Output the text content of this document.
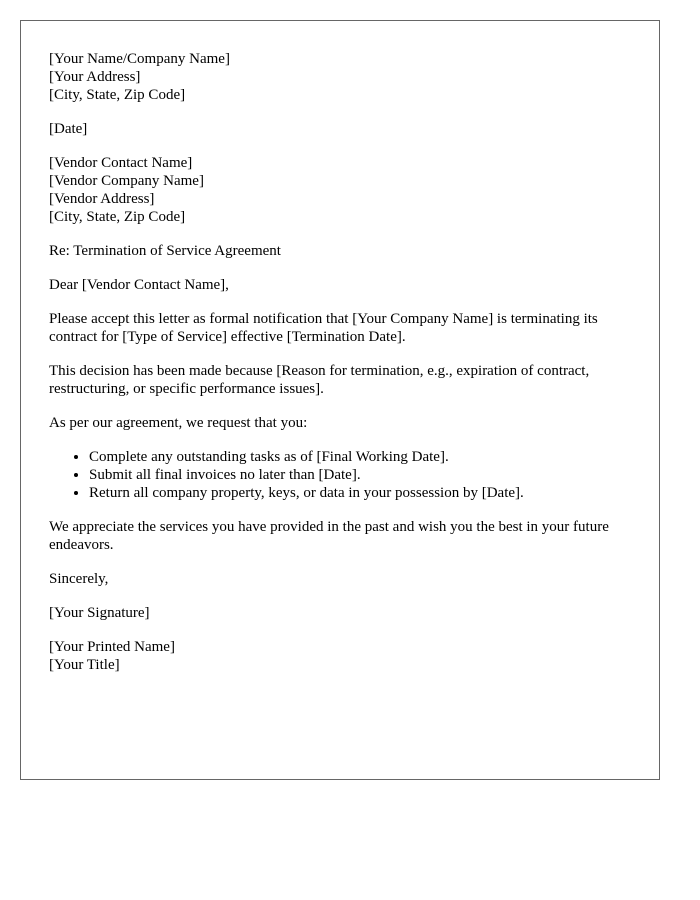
[Your Name/Company Name]
[Your Address]
[City, State, Zip Code]
[Date]
[Vendor Contact Name]
[Vendor Company Name]
[Vendor Address]
[City, State, Zip Code]

Re: Termination of Service Agreement

Dear [Vendor Contact Name],

Please accept this letter as formal notification that [Your Company Name] is terminating its contract for [Type of Service] effective [Termination Date].

This decision has been made because [Reason for termination, e.g., expiration of contract, restructuring, or specific performance issues].

As per our agreement, we request that you:

• Complete any outstanding tasks as of [Final Working Date].
• Submit all final invoices no later than [Date].
• Return all company property, keys, or data in your possession by [Date].

We appreciate the services you have provided in the past and wish you the best in your future endeavors.

Sincerely,

[Your Signature]

[Your Printed Name]
[Your Title]
